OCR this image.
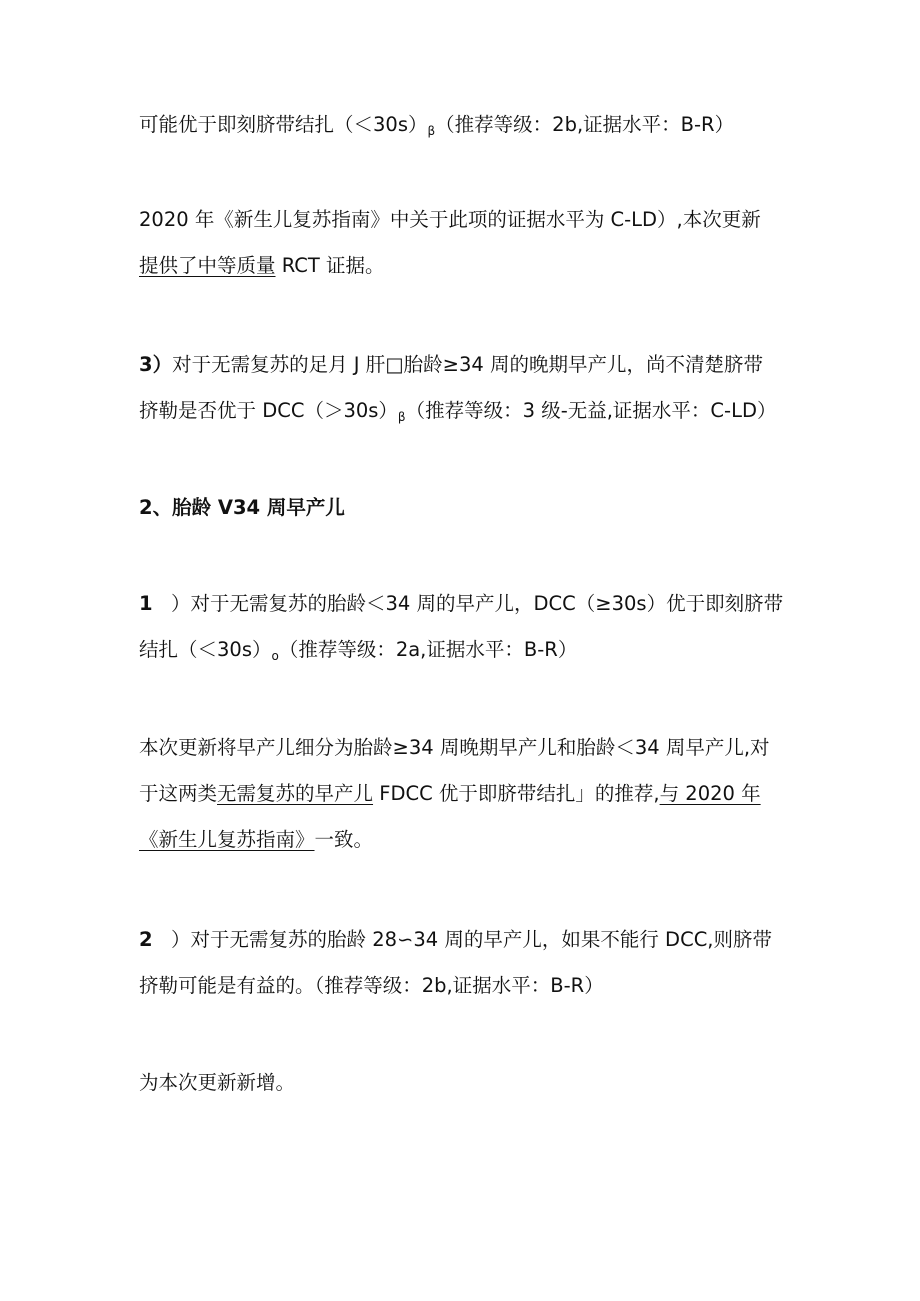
可能优于即刻脐带结扎$(<30s)_\beta$（推荐等级：2b,证据水平：B-R）
2020 年《新生儿复苏指南》中关于此项的证据水平为 C-LD）,本次更新
提供了中等质量 RCT 证据。
3）对于无需复苏的足月 J 肝□胎龄≥34 周的晚期早产儿，尚不清楚脐带
挤勒是否优于 $DCC(>30s)_\beta$（推荐等级：3 级-无益,证据水平：C-LD）
2、胎龄 V34 周早产儿
1 ）对于无需复苏的胎龄＜34 周的早产儿，DCC（≥30s）优于即刻脐带
结扎$(<30s)_o$（推荐等级：2a,证据水平：B-R）
本次更新将早产儿细分为胎龄≥34 周晚期早产儿和胎龄＜34 周早产儿,对
于这两类无需复苏的早产儿 FDCC 优于即脐带结扎」的推荐,与 2020 年
《新生儿复苏指南》一致。
2 ）对于无需复苏的胎龄 28∽34 周的早产儿，如果不能行 DCC,则脐带
挤勒可能是有益的。（推荐等级：2b,证据水平：B-R）
为本次更新新增。
